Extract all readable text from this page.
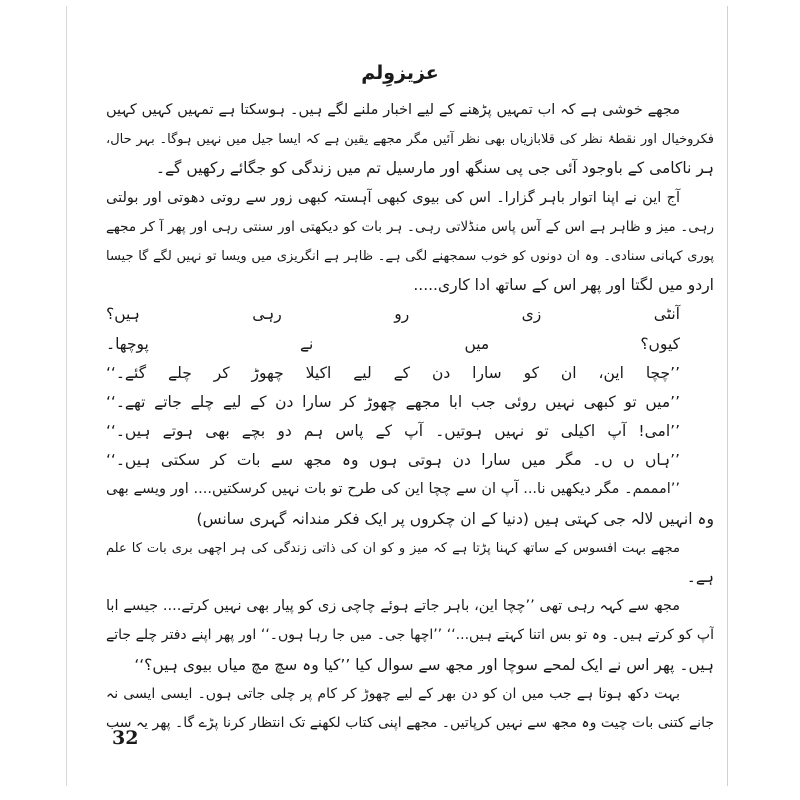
عزیزوِلم
مجھے خوشی ہے کہ اب تمہیں پڑھنے کے لیے اخبار ملنے لگے ہیں۔ ہوسکتا ہے تمہیں کہیں کہیں
فکروخیال اور نقطۂ نظر کی قلابازیاں بھی نظر آئیں مگر مجھے یقین ہے کہ ایسا جیل میں نہیں ہوگا۔ بہر حال،
ہر ناکامی کے باوجود آئی جی پی سنگھ اور مارسیل تم میں زندگی کو جگائے رکھیں گے۔
آج این نے اپنا اتوار باہر گزارا۔ اس کی بیوی کبھی آہستہ کبھی زور سے روتی دھوتی اور بولتی
رہی۔ میز و ظاہر ہے اس کے آس پاس منڈلاتی رہی۔ ہر بات کو دیکھتی اور سنتی رہی اور پھر آ کر مجھے
پوری کہانی سنادی۔ وہ ان دونوں کو خوب سمجھنے لگی ہے۔ ظاہر ہے انگریزی میں ویسا تو نہیں لگے گا جیسا
اردو میں لگتا اور پھر اس کے ساتھ ادا کاری.....
آنٹی زی رو رہی ہیں؟
کیوں؟ میں نے پوچھا۔
’’چچا این، ان کو سارا دن کے لیے اکیلا چھوڑ کر چلے گئے۔‘‘
’’میں تو کبھی نہیں روئی جب ابا مجھے چھوڑ کر سارا دن کے لیے چلے جاتے تھے۔‘‘
’’امی! آپ اکیلی تو نہیں ہوتیں۔ آپ کے پاس ہم دو بچے بھی ہوتے ہیں۔‘‘
’’ہاں ں ں۔ مگر میں سارا دن ہوتی ہوں وہ مجھ سے بات کر سکتی ہیں۔‘‘
’’امممم۔ مگر دیکھیں نا... آپ ان سے چچا این کی طرح تو بات نہیں کرسکتیں.... اور ویسے بھی
وہ انہیں لالہ جی کہتی ہیں (دنیا کے ان چکروں پر ایک فکر مندانہ گہری سانس)
مجھے بہت افسوس کے ساتھ کہنا پڑتا ہے کہ میز و کو ان کی ذاتی زندگی کی ہر اچھی بری بات کا علم
ہے۔
مجھ سے کہہ رہی تھی ’’چچا این، باہر جاتے ہوئے چاچی زی کو پیار بھی نہیں کرتے.... جیسے ابا
آپ کو کرتے ہیں۔ وہ تو بس اتنا کہتے ہیں...‘‘ ’’اچھا جی۔ میں جا رہا ہوں۔‘‘ اور پھر اپنے دفتر چلے جاتے
ہیں۔ پھر اس نے ایک لمحے سوچا اور مجھ سے سوال کیا ’’کیا وہ سچ مچ میاں بیوی ہیں؟‘‘
بہت دکھ ہوتا ہے جب میں ان کو دن بھر کے لیے چھوڑ کر کام پر چلی جاتی ہوں۔ ایسی ایسی نہ
جانے کتنی بات چیت وہ مجھ سے نہیں کرپاتیں۔ مجھے اپنی کتاب لکھنے تک انتظار کرنا پڑے گا۔ پھر یہ سب
32
